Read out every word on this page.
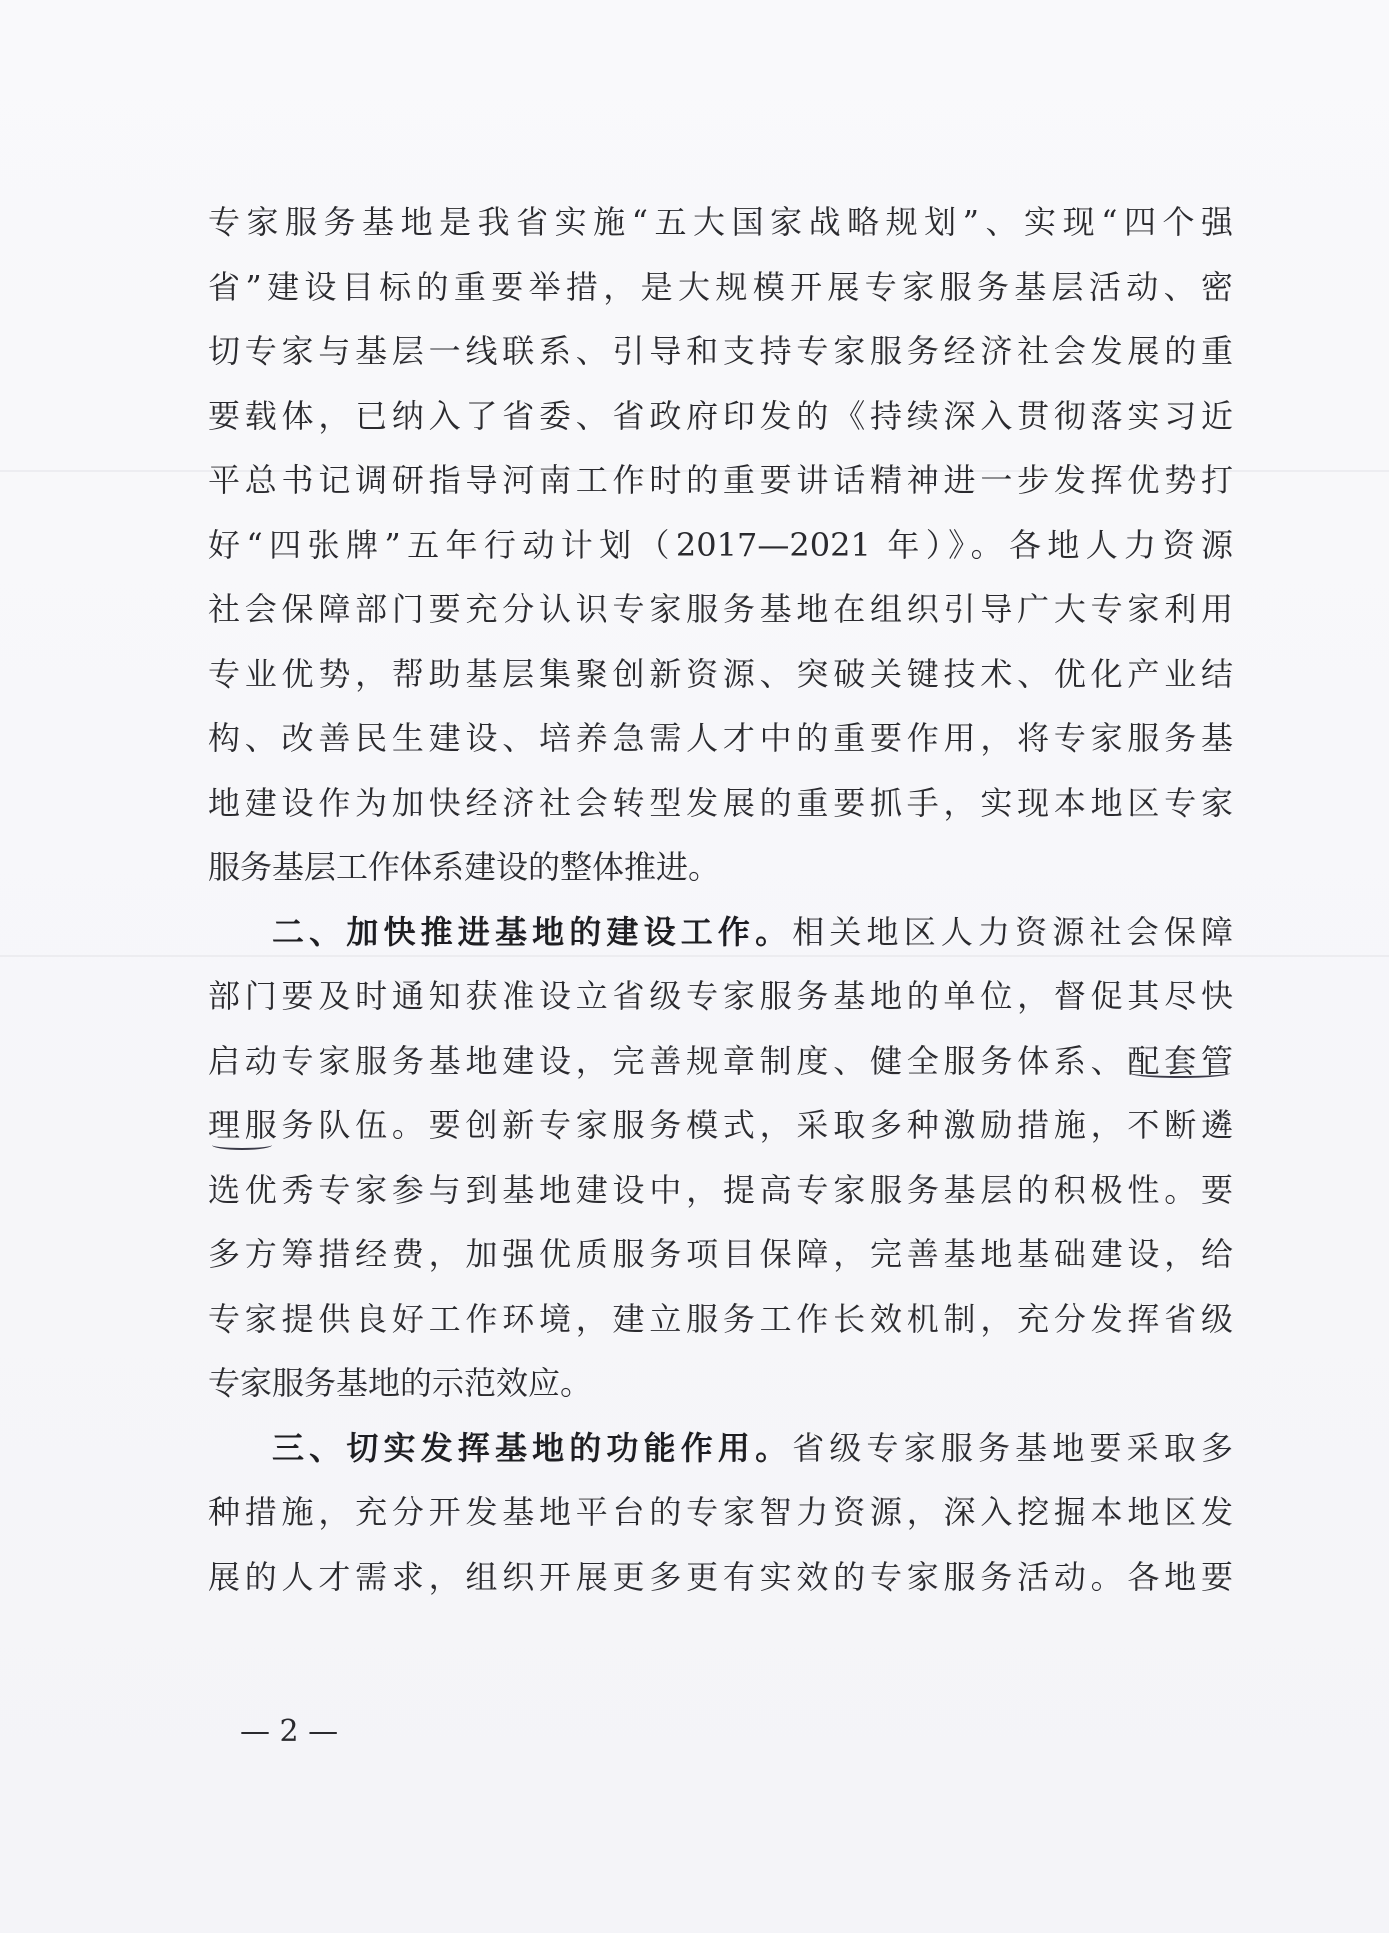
专家服务基地是我省实施“五大国家战略规划”、实现“四个强
省”建设目标的重要举措，是大规模开展专家服务基层活动、密
切专家与基层一线联系、引导和支持专家服务经济社会发展的重
要载体，已纳入了省委、省政府印发的《持续深入贯彻落实习近
平总书记调研指导河南工作时的重要讲话精神进一步发挥优势打
好“四张牌”五年行动计划（2017—2021 年）》。各地人力资源
社会保障部门要充分认识专家服务基地在组织引导广大专家利用
专业优势，帮助基层集聚创新资源、突破关键技术、优化产业结
构、改善民生建设、培养急需人才中的重要作用，将专家服务基
地建设作为加快经济社会转型发展的重要抓手，实现本地区专家
服务基层工作体系建设的整体推进。
二、加快推进基地的建设工作。相关地区人力资源社会保障
部门要及时通知获准设立省级专家服务基地的单位，督促其尽快
启动专家服务基地建设，完善规章制度、健全服务体系、配套管
理服务队伍。要创新专家服务模式，采取多种激励措施，不断遴
选优秀专家参与到基地建设中，提高专家服务基层的积极性。要
多方筹措经费，加强优质服务项目保障，完善基地基础建设，给
专家提供良好工作环境，建立服务工作长效机制，充分发挥省级
专家服务基地的示范效应。
三、切实发挥基地的功能作用。省级专家服务基地要采取多
种措施，充分开发基地平台的专家智力资源，深入挖掘本地区发
展的人才需求，组织开展更多更有实效的专家服务活动。各地要
— 2 —
